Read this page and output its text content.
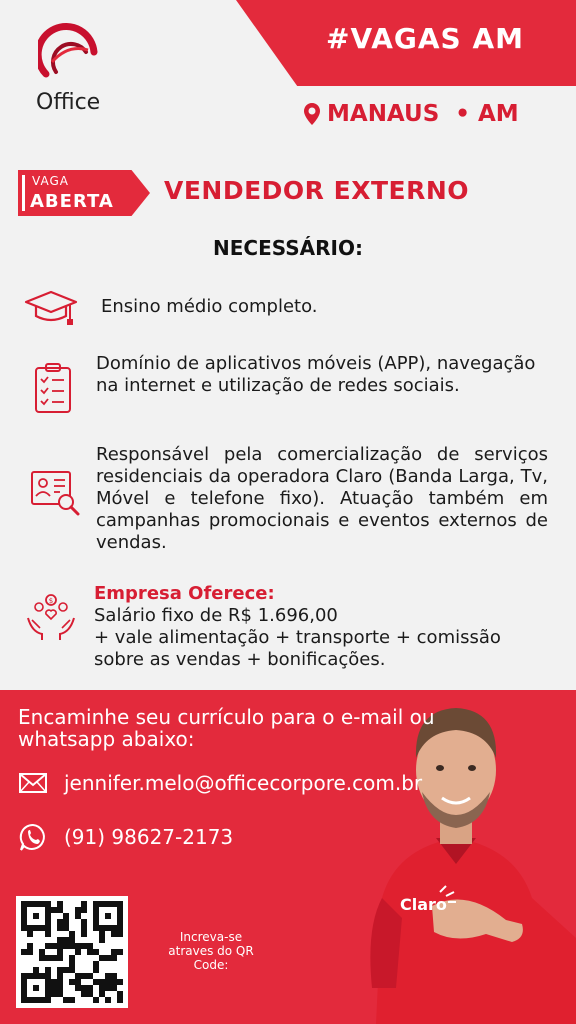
Office
#VAGAS AM
MANAUS  • AM
VAGA
ABERTA VENDEDOR EXTERNO
NECESSÁRIO:
Ensino médio completo.
Domínio de aplicativos móveis (APP), navegação na internet e utilização de redes sociais.
Responsável pela comercialização de serviços residenciais da operadora Claro (Banda Larga, Tv, Móvel e telefone fixo). Atuação também em campanhas promocionais e eventos externos de vendas.
$ Empresa Oferece:
Salário fixo de R$ 1.696,00
+ vale alimentação + transporte + comissão
sobre as vendas + bonificações.
Claro
Encaminhe seu currículo para o e-mail ou whatsapp abaixo:
jennifer.melo@officecorpore.com.br
(91) 98627-2173
Increva-se atraves do QR Code:
